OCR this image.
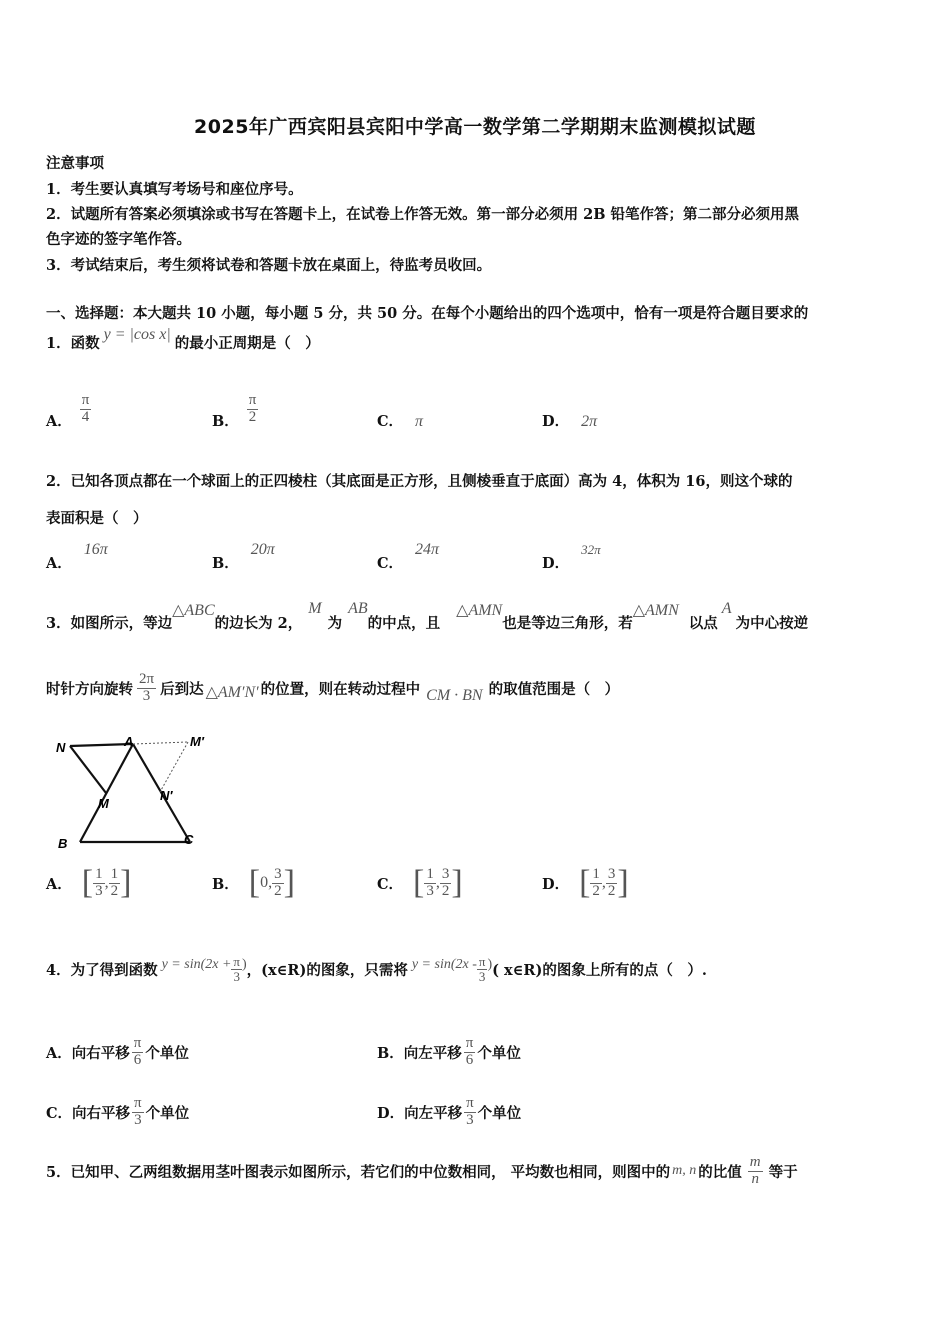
2025年广西宾阳县宾阳中学高一数学第二学期期末监测模拟试题
注意事项
1．考生要认真填写考场号和座位序号。
2．试题所有答案必须填涂或书写在答题卡上，在试卷上作答无效。第一部分必须用 2B 铅笔作答；第二部分必须用黑
色字迹的签字笔作答。
3．考试结束后，考生须将试卷和答题卡放在桌面上，待监考员收回。
一、选择题：本大题共 10 小题，每小题 5 分，共 50 分。在每个小题给出的四个选项中，恰有一项是符合题目要求的
1．函数
y = |cos x|
的最小正周期是（　）
A． $\frac{\pi}{4}$	B． $\frac{\pi}{2}$	C． π	D． 2π
2．已知各顶点都在一个球面上的正四棱柱（其底面是正方形，且侧棱垂直于底面）高为 4，体积为 16，则这个球的
表面积是（　）
A．16π
B．20π
C．24π
D．32π
3．如图所示，等边
△ABC
的边长为 2，
M
为
AB
的中点，且
△AMN
也是等边三角形，若
△AMN
以点
A
为中心按逆
时针方向旋转 $\frac{2\pi}{3}$ 后到达 △AM′N′ 的位置，则在转动过程中 CM · BN 的取值范围是（　）
N	A	M′
M
N′
B	C
A． [ $\frac{1}{3}$ , $\frac{1}{2}$ ]	B． [ 0 , $\frac{3}{2}$ ]	C． [ $\frac{1}{3}$ , $\frac{3}{2}$ ]	D． [ $\frac{1}{2}$ , $\frac{3}{2}$ ]
4．为了得到函数 $y = \sin(2x + \frac{\pi}{3}$ ) ，(x∈R)的图象，只需将 $y = \sin(2x - \frac{\pi}{3}$ ) ( x∈R)的图象上所有的点（　）.
A．向右平移 $\frac{\pi}{6}$ 个单位	B．向左平移 $\frac{\pi}{6}$ 个单位
C．向右平移 $\frac{\pi}{3}$ 个单位	D．向左平移 $\frac{\pi}{3}$ 个单位
5．已知甲、乙两组数据用茎叶图表示如图所示，若它们的中位数相同， 平均数也相同，则图中的 m, n 的比值 $\frac{m}{n}$ 等于
